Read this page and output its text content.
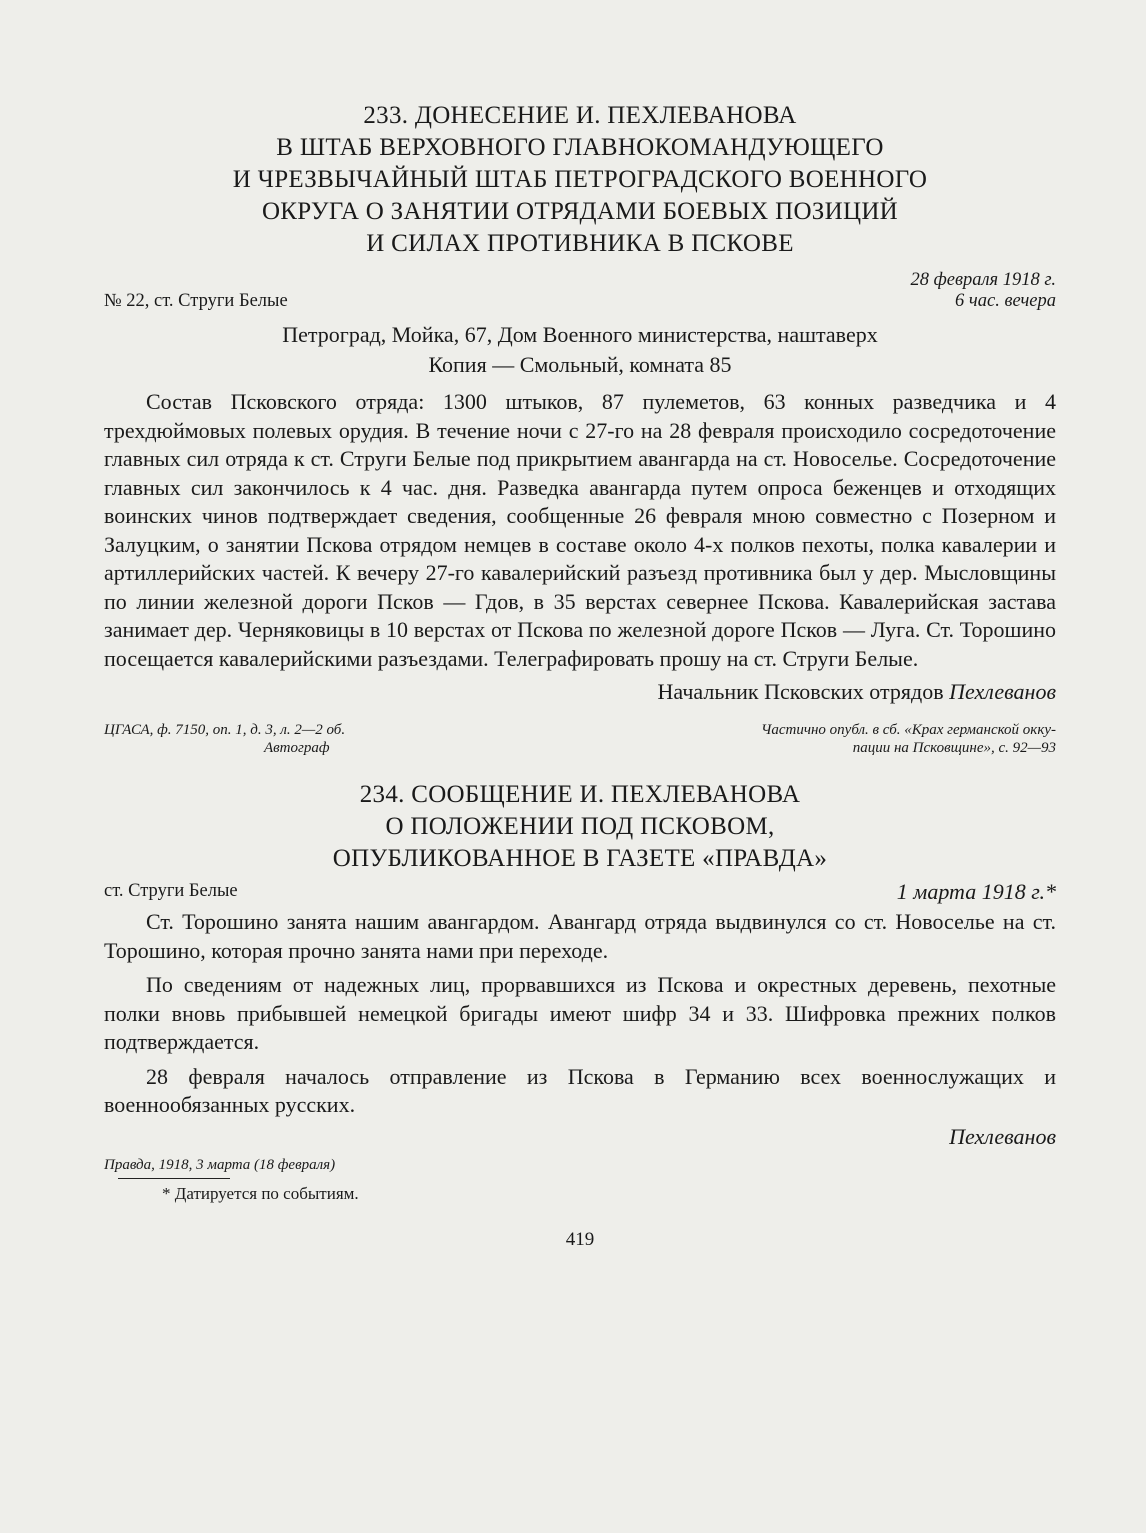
233. ДОНЕСЕНИЕ И. ПЕХЛЕВАНОВА
В ШТАБ ВЕРХОВНОГО ГЛАВНОКОМАНДУЮЩЕГО
И ЧРЕЗВЫЧАЙНЫЙ ШТАБ ПЕТРОГРАДСКОГО ВОЕННОГО
ОКРУГА О ЗАНЯТИИ ОТРЯДАМИ БОЕВЫХ ПОЗИЦИЙ
И СИЛАХ ПРОТИВНИКА В ПСКОВЕ
№ 22, ст. Струги Белые
28 февраля 1918 г.
6 час. вечера
Петроград, Мойка, 67, Дом Военного министерства, наштаверх
Копия — Смольный, комната 85

Состав Псковского отряда: 1300 штыков, 87 пулеметов, 63 конных разведчика и 4 трехдюймовых полевых орудия. В течение ночи с 27-го на 28 февраля происходило сосредоточение главных сил отряда к ст. Струги Белые под прикрытием авангарда на ст. Новоселье. Сосредоточение главных сил закончилось к 4 час. дня. Разведка авангарда путем опроса беженцев и отходящих воинских чинов подтверждает сведения, сообщенные 26 февраля мною совместно с Позерном и Залуцким, о занятии Пскова отрядом немцев в составе около 4-х полков пехоты, полка кавалерии и артиллерийских частей. К вечеру 27-го кавалерийский разъезд противника был у дер. Мысловщины по линии железной дороги Псков — Гдов, в 35 верстах севернее Пскова. Кавалерийская застава занимает дер. Черняковицы в 10 верстах от Пскова по железной дороге Псков — Луга. Ст. Торошино посещается кавалерийскими разъездами. Телеграфировать прошу на ст. Струги Белые.

Начальник Псковских отрядов Пехлеванов
ЦГАСА, ф. 7150, оп. 1, д. 3, л. 2—2 об.
Автограф
Частично опубл. в сб. «Крах германской окку-
пации на Псковщине», с. 92—93
234. СООБЩЕНИЕ И. ПЕХЛЕВАНОВА
О ПОЛОЖЕНИИ ПОД ПСКОВОМ,
ОПУБЛИКОВАННОЕ В ГАЗЕТЕ «ПРАВДА»
ст. Струги Белые	1 марта 1918 г.*

Ст. Торошино занята нашим авангардом. Авангард отряда выдвинулся со ст. Новоселье на ст. Торошино, которая прочно занята нами при переходе.

По сведениям от надежных лиц, прорвавшихся из Пскова и окрестных деревень, пехотные полки вновь прибывшей немецкой бригады имеют шифр 34 и 33. Шифровка прежних полков подтверждается.

28 февраля началось отправление из Пскова в Германию всех военнослужащих и военнообязанных русских.

Пехлеванов
Правда, 1918, 3 марта (18 февраля)
* Датируется по событиям.
419
